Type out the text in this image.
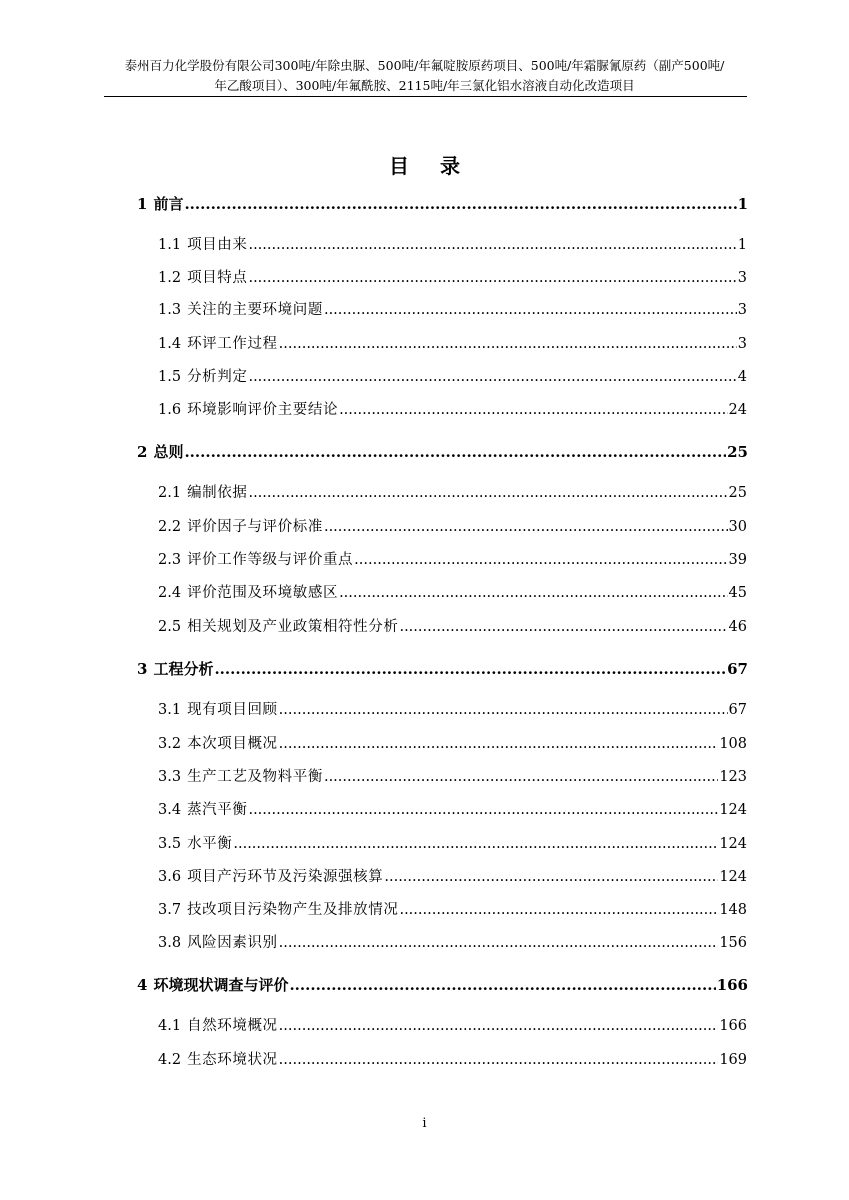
泰州百力化学股份有限公司300吨/年除虫脲、500吨/年氟啶胺原药项目、500吨/年霜脲氰原药（副产500吨/
年乙酸项目）、300吨/年氟酰胺、2115吨/年三氯化铝水溶液自动化改造项目
目 录
1 前言 .....	1
1.1 项目由来 .....	1
1.2 项目特点 .....	3
1.3 关注的主要环境问题 .....	3
1.4 环评工作过程 .....	3
1.5 分析判定 .....	4
1.6 环境影响评价主要结论 .....	24
2 总则 .....	25
2.1 编制依据 .....	25
2.2 评价因子与评价标准 .....	30
2.3 评价工作等级与评价重点 .....	39
2.4 评价范围及环境敏感区 .....	45
2.5 相关规划及产业政策相符性分析 .....	46
3 工程分析 .....	67
3.1 现有项目回顾 .....	67
3.2 本次项目概况 .....	108
3.3 生产工艺及物料平衡 .....	123
3.4 蒸汽平衡 .....	124
3.5 水平衡 .....	124
3.6 项目产污环节及污染源强核算 .....	124
3.7 技改项目污染物产生及排放情况 .....	148
3.8 风险因素识别 .....	156
4 环境现状调查与评价 .....	166
4.1 自然环境概况 .....	166
4.2 生态环境状况 .....	169
i
